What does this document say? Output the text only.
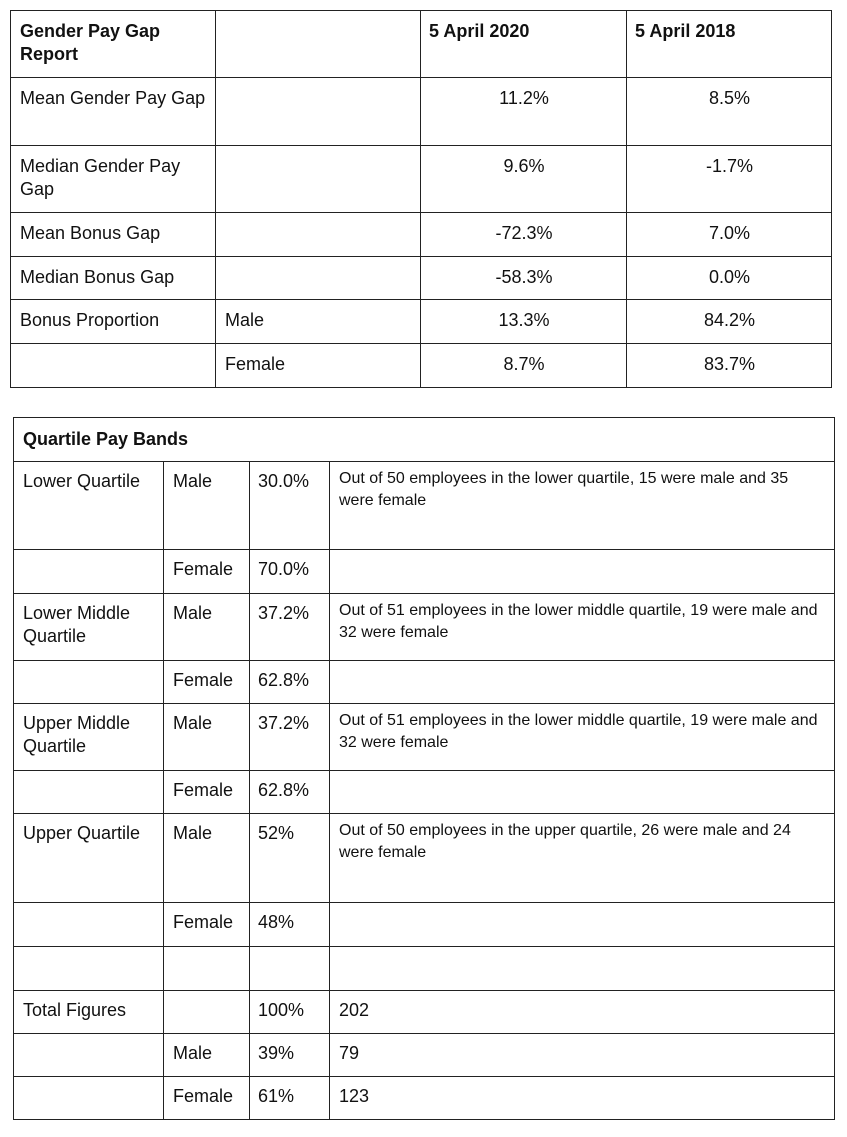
Gender Pay Gap Report		5 April 2020	5 April 2018
Mean Gender Pay Gap		11.2%	8.5%
Median Gender Pay Gap		9.6%	-1.7%
Mean Bonus Gap		-72.3%	7.0%
Median Bonus Gap		-58.3%	0.0%
Bonus Proportion	Male	13.3%	84.2%
	Female	8.7%	83.7%
Quartile Pay Bands			
Lower Quartile	Male	30.0%	Out of 50 employees in the lower quartile, 15 were male and 35 were female
	Female	70.0%	
Lower Middle Quartile	Male	37.2%	Out of 51 employees in the lower middle quartile, 19 were male and 32 were female
	Female	62.8%	
Upper Middle Quartile	Male	37.2%	Out of 51 employees in the lower middle quartile, 19 were male and 32 were female
	Female	62.8%	
Upper Quartile	Male	52%	Out of 50 employees in the upper quartile, 26 were male and 24 were female
	Female	48%	

Total Figures		100%	202
	Male	39%	79
	Female	61%	123
